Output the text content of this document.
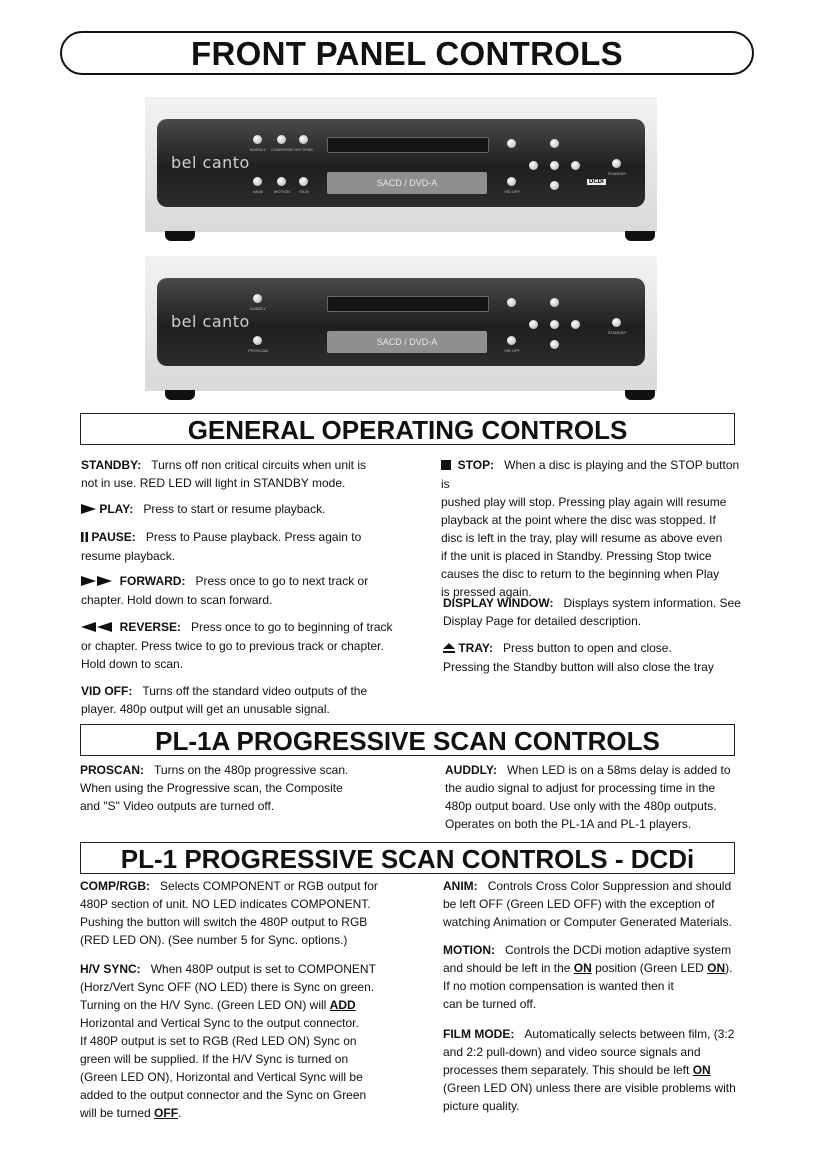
FRONT PANEL CONTROLS
bel canto
SACD / DVD-A
AUDDLY	COMP/RGB H/V SYNC
ANIM	MOTION	FILM	VID OFF
STANDBY
DCDi
bel canto
SACD / DVD-A
AUDDLY
PROSCAN	VID OFF
STANDBY
GENERAL OPERATING CONTROLS
STANDBY: Turns off non critical circuits when unit is
not in use. RED LED will light in STANDBY mode.
PLAY: Press to start or resume playback.
PAUSE: Press to Pause playback. Press again to
resume playback.
FORWARD: Press once to go to next track or
chapter. Hold down to scan forward.
REVERSE: Press once to go to beginning of track
or chapter. Press twice to go to previous track or chapter.
Hold down to scan.
VID OFF: Turns off the standard video outputs of the
player. 480p output will get an unusable signal.
STOP: When a disc is playing and the STOP button is
pushed play will stop. Pressing play again will resume
playback at the point where the disc was stopped. If
disc is left in the tray, play will resume as above even
if the unit is placed in Standby. Pressing Stop twice
causes the disc to return to the beginning when Play
is pressed again.
DISPLAY WINDOW: Displays system information. See
Display Page for detailed description.
TRAY: Press button to open and close.
Pressing the Standby button will also close the tray
PL-1A PROGRESSIVE SCAN CONTROLS
PROSCAN: Turns on the 480p progressive scan.
When using the Progressive scan, the Composite
and "S" Video outputs are turned off.
AUDDLY: When LED is on a 58ms delay is added to
the audio signal to adjust for processing time in the
480p output board. Use only with the 480p outputs.
Operates on both the PL-1A and PL-1 players.
PL-1 PROGRESSIVE SCAN CONTROLS - DCDi
COMP/RGB: Selects COMPONENT or RGB output for
480P section of unit. NO LED indicates COMPONENT.
Pushing the button will switch the 480P output to RGB
(RED LED ON). (See number 5 for Sync. options.)
H/V SYNC: When 480P output is set to COMPONENT
(Horz/Vert Sync OFF (NO LED) there is Sync on green.
Turning on the H/V Sync. (Green LED ON) will ADD
Horizontal and Vertical Sync to the output connector.
If 480P output is set to RGB (Red LED ON) Sync on
green will be supplied. If the H/V Sync is turned on
(Green LED ON), Horizontal and Vertical Sync will be
added to the output connector and the Sync on Green
will be turned OFF.
ANIM: Controls Cross Color Suppression and should
be left OFF (Green LED OFF) with the exception of
watching Animation or Computer Generated Materials.
MOTION: Controls the DCDi motion adaptive system
and should be left in the ON position (Green LED ON).
If no motion compensation is wanted then it
can be turned off.
FILM MODE: Automatically selects between film, (3:2
and 2:2 pull-down) and video source signals and
processes them separately. This should be left ON
(Green LED ON) unless there are visible problems with
picture quality.
